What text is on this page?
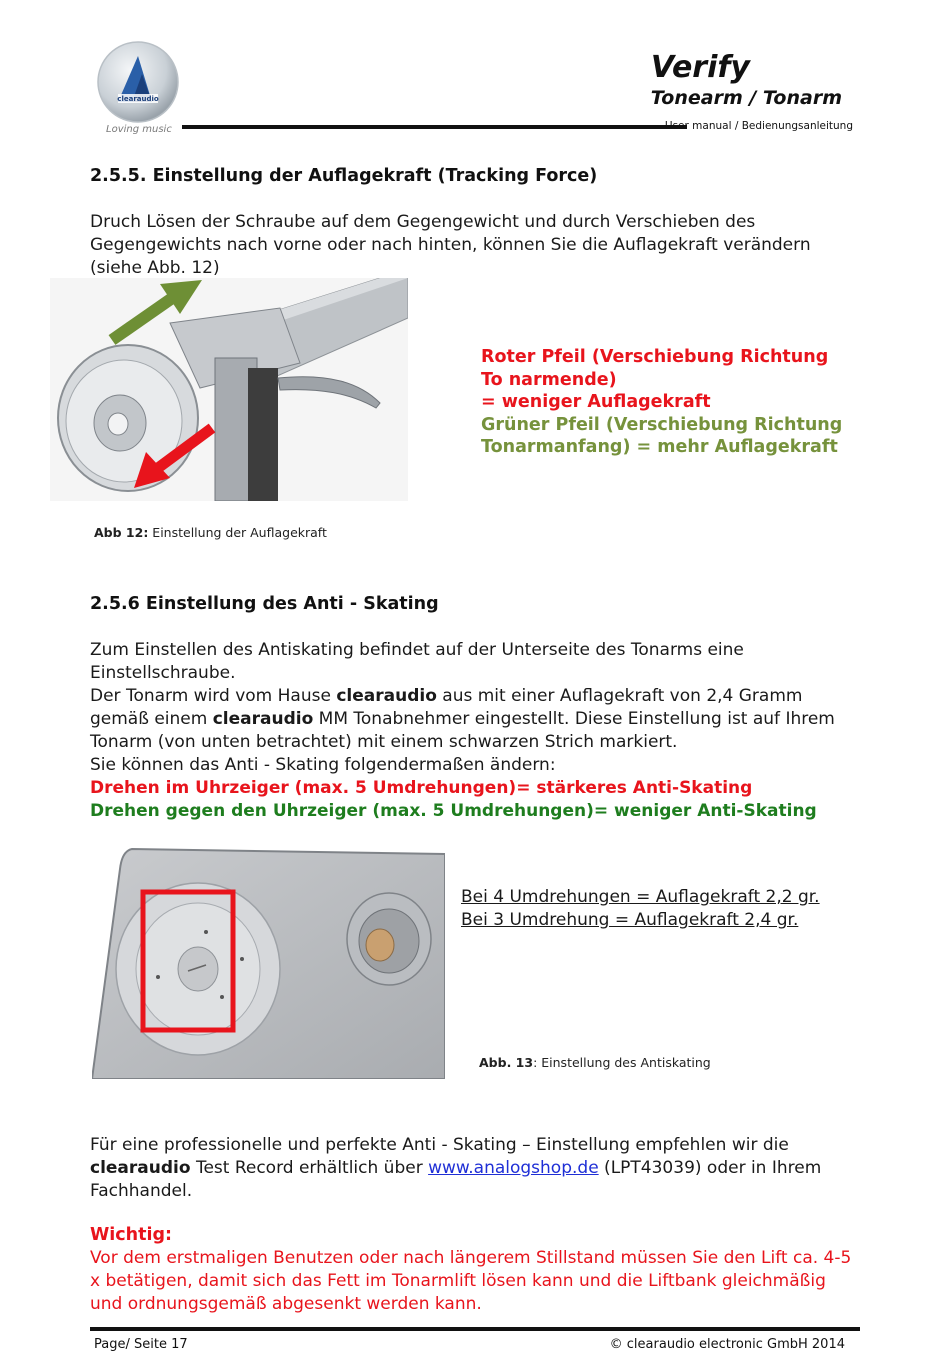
clearaudio
Loving music
Verify
Tonearm / Tonarm
User manual / Bedienungsanleitung
2.5.5. Einstellung der Auflagekraft (Tracking Force)
Druch Lösen der Schraube auf dem Gegengewicht und durch Verschieben des Gegengewichts nach vorne oder nach hinten, können Sie die Auflagekraft verändern (siehe Abb. 12)
Roter Pfeil (Verschiebung Richtung To narmende)
= weniger Auflagekraft
Grüner Pfeil (Verschiebung Richtung Tonarmanfang) = mehr Auflagekraft
Abb 12: Einstellung der Auflagekraft
2.5.6 Einstellung des Anti - Skating
Zum Einstellen des Antiskating befindet auf der Unterseite des Tonarms eine Einstellschraube.
Der Tonarm wird vom Hause clearaudio aus mit einer Auflagekraft von 2,4 Gramm gemäß einem clearaudio MM Tonabnehmer eingestellt. Diese Einstellung ist auf Ihrem Tonarm (von unten betrachtet) mit einem schwarzen Strich markiert.
Sie können das Anti - Skating folgendermaßen ändern:
Drehen im Uhrzeiger (max. 5 Umdrehungen)= stärkeres Anti-Skating
Drehen gegen den Uhrzeiger (max. 5 Umdrehungen)= weniger Anti-Skating
Bei 4 Umdrehungen = Auflagekraft 2,2 gr.
Bei 3 Umdrehung = Auflagekraft 2,4 gr.
Abb. 13: Einstellung des Antiskating
Für eine professionelle und perfekte Anti - Skating – Einstellung empfehlen wir die clearaudio Test Record erhältlich über www.analogshop.de (LPT43039) oder in Ihrem Fachhandel.
Wichtig:
Vor dem erstmaligen Benutzen oder nach längerem Stillstand müssen Sie den Lift ca. 4-5 x betätigen, damit sich das Fett im Tonarmlift lösen kann und die Liftbank gleichmäßig und ordnungsgemäß abgesenkt werden kann.
Page/ Seite 17	© clearaudio electronic GmbH 2014
